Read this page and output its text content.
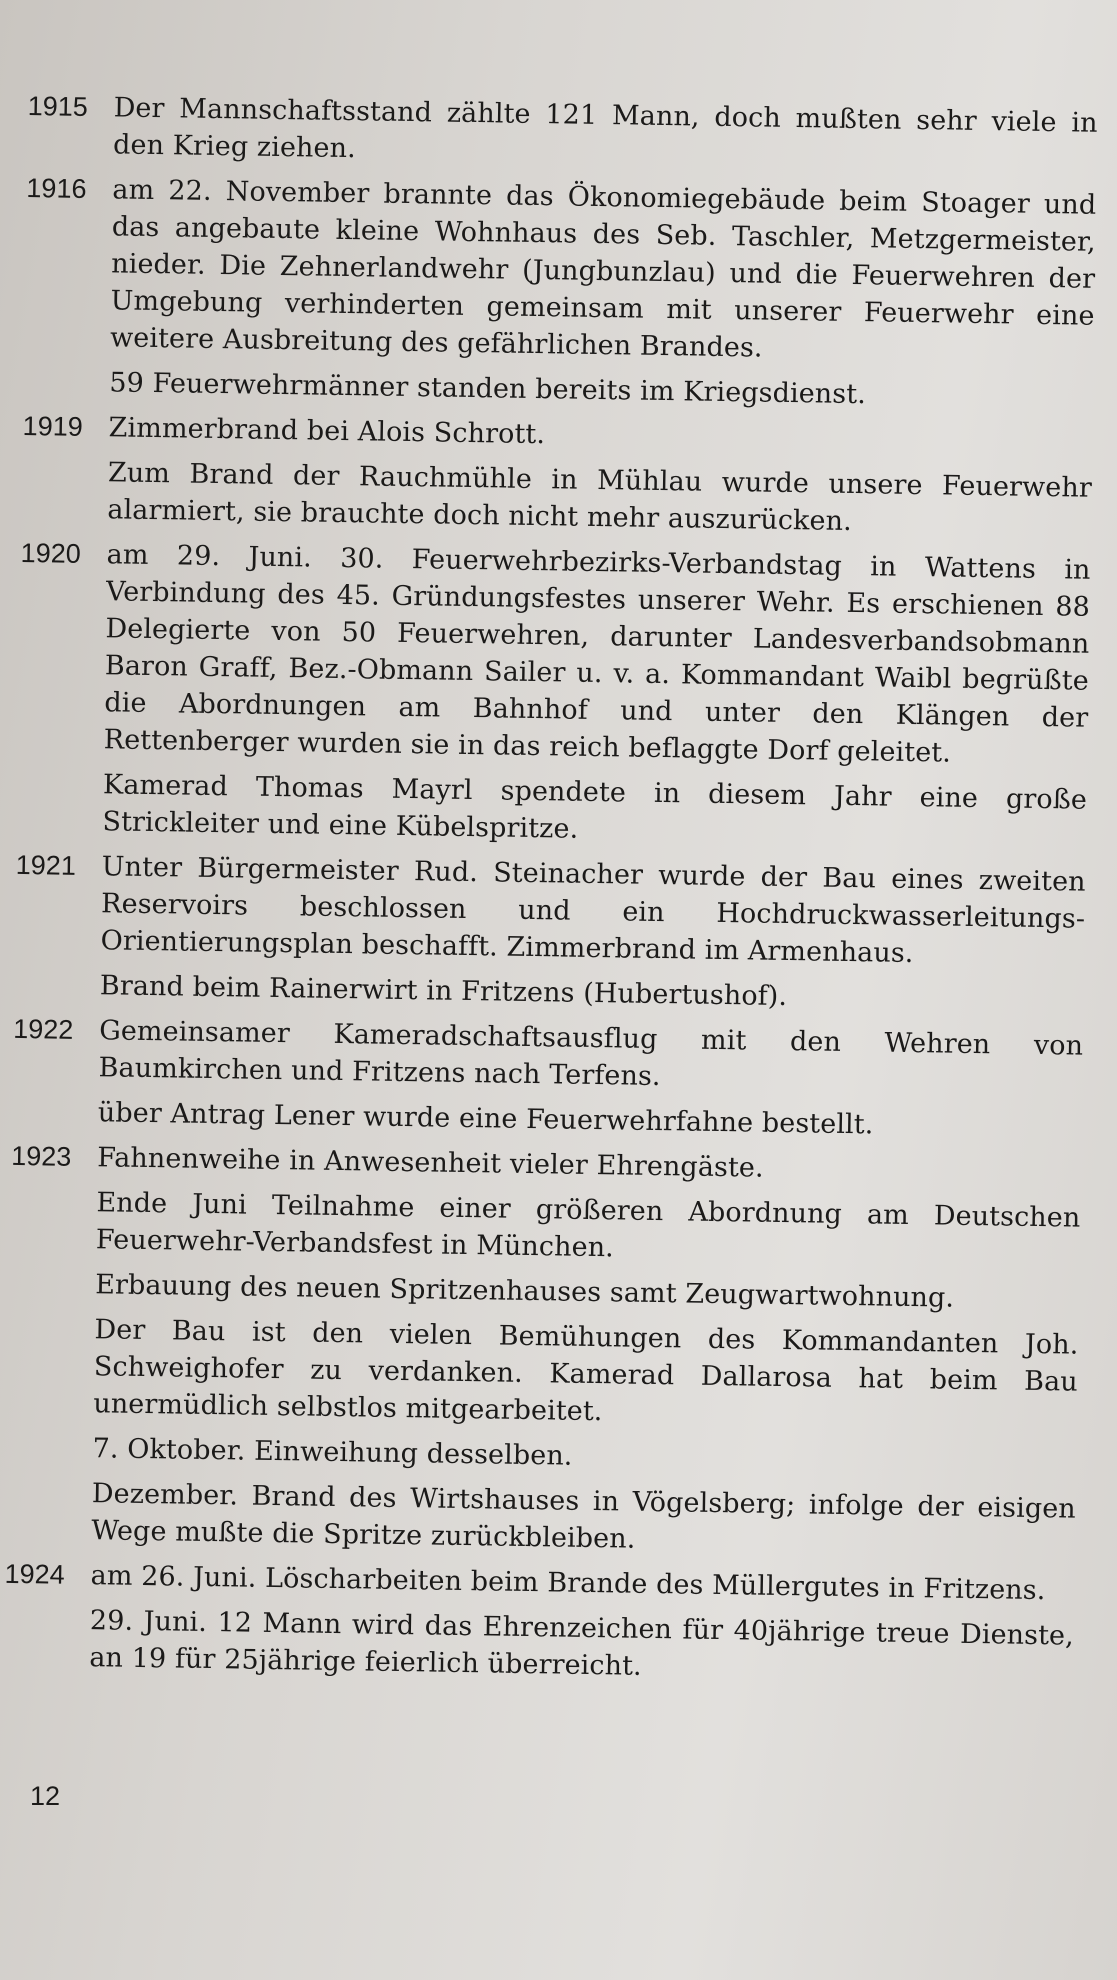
1915 Der Mannschaftsstand zählte 121 Mann, doch mußten sehr viele in den Krieg ziehen.

1916 am 22. November brannte das Ökonomiegebäude beim Stoager und das angebaute kleine Wohnhaus des Seb. Taschler, Metzgermeister, nieder. Die Zehnerlandwehr (Jungbunzlau) und die Feuerwehren der Umgebung verhinderten gemeinsam mit unserer Feuerwehr eine weitere Ausbreitung des gefährlichen Brandes.

59 Feuerwehrmänner standen bereits im Kriegsdienst.

1919 Zimmerbrand bei Alois Schrott.

Zum Brand der Rauchmühle in Mühlau wurde unsere Feuerwehr alarmiert, sie brauchte doch nicht mehr auszurücken.

1920 am 29. Juni. 30. Feuerwehrbezirks-Verbandstag in Wattens in Verbindung des 45. Gründungsfestes unserer Wehr. Es erschienen 88 Delegierte von 50 Feuerwehren, darunter Landesverbandsobmann Baron Graff, Bez.-Obmann Sailer u. v. a. Kommandant Waibl begrüßte die Abordnungen am Bahnhof und unter den Klängen der Rettenberger wurden sie in das reich beflaggte Dorf geleitet.

Kamerad Thomas Mayrl spendete in diesem Jahr eine große Strickleiter und eine Kübelspritze.

1921 Unter Bürgermeister Rud. Steinacher wurde der Bau eines zweiten Reservoirs beschlossen und ein Hochdruckwasserleitungs-Orientierungsplan beschafft. Zimmerbrand im Armenhaus.

Brand beim Rainerwirt in Fritzens (Hubertushof).

1922 Gemeinsamer Kameradschaftsausflug mit den Wehren von Baumkirchen und Fritzens nach Terfens.

über Antrag Lener wurde eine Feuerwehrfahne bestellt.

1923 Fahnenweihe in Anwesenheit vieler Ehrengäste.

Ende Juni Teilnahme einer größeren Abordnung am Deutschen Feuerwehr-Verbandsfest in München.

Erbauung des neuen Spritzenhauses samt Zeugwartwohnung.

Der Bau ist den vielen Bemühungen des Kommandanten Joh. Schweighofer zu verdanken. Kamerad Dallarosa hat beim Bau unermüdlich selbstlos mitgearbeitet.

7. Oktober. Einweihung desselben.

Dezember. Brand des Wirtshauses in Vögelsberg; infolge der eisigen Wege mußte die Spritze zurückbleiben.

1924 am 26. Juni. Löscharbeiten beim Brande des Müllergutes in Fritzens.

29. Juni. 12 Mann wird das Ehrenzeichen für 40jährige treue Dienste, an 19 für 25jährige feierlich überreicht.

12
